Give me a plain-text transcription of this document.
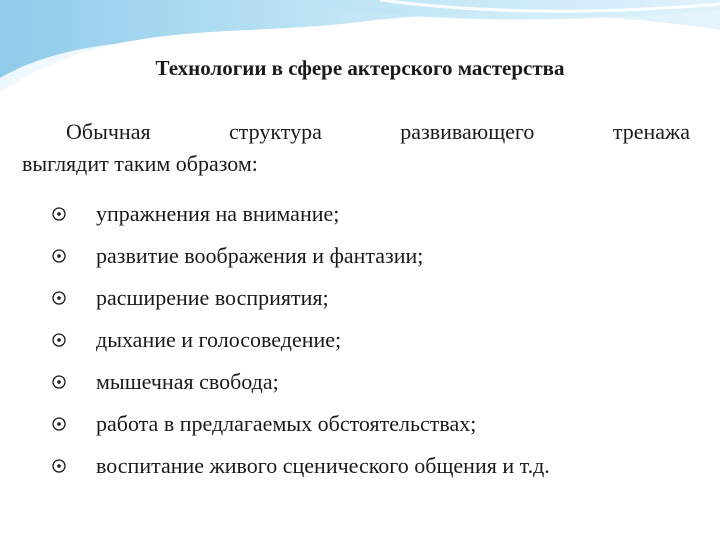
Технологии в сфере актерского мастерства
Обычная структура развивающего тренажа
выглядит таким образом:
упражнения на внимание;
развитие воображения и фантазии;
расширение восприятия;
дыхание и голосоведение;
мышечная свобода;
работа в предлагаемых обстоятельствах;
воспитание живого сценического общения и т.д.
